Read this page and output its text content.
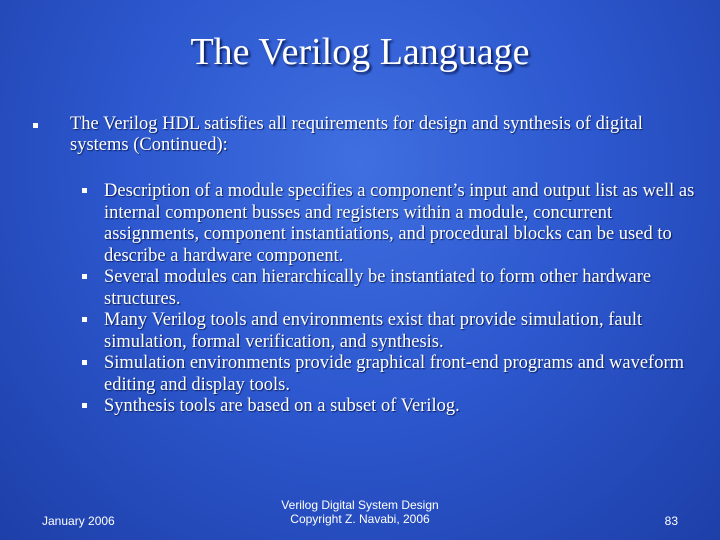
The Verilog Language
The Verilog HDL satisfies all requirements for design and synthesis of digital systems (Continued):
Description of a module specifies a component’s input and output list as well as internal component busses and registers within a module, concurrent assignments, component instantiations, and procedural blocks can be used to describe a hardware component.
Several modules can hierarchically be instantiated to form other hardware structures.
Many Verilog tools and environments exist that provide simulation, fault simulation, formal verification, and synthesis.
Simulation environments provide graphical front-end programs and waveform editing and display tools.
Synthesis tools are based on a subset of Verilog.
January 2006
Verilog Digital System Design
Copyright Z. Navabi, 2006	83
